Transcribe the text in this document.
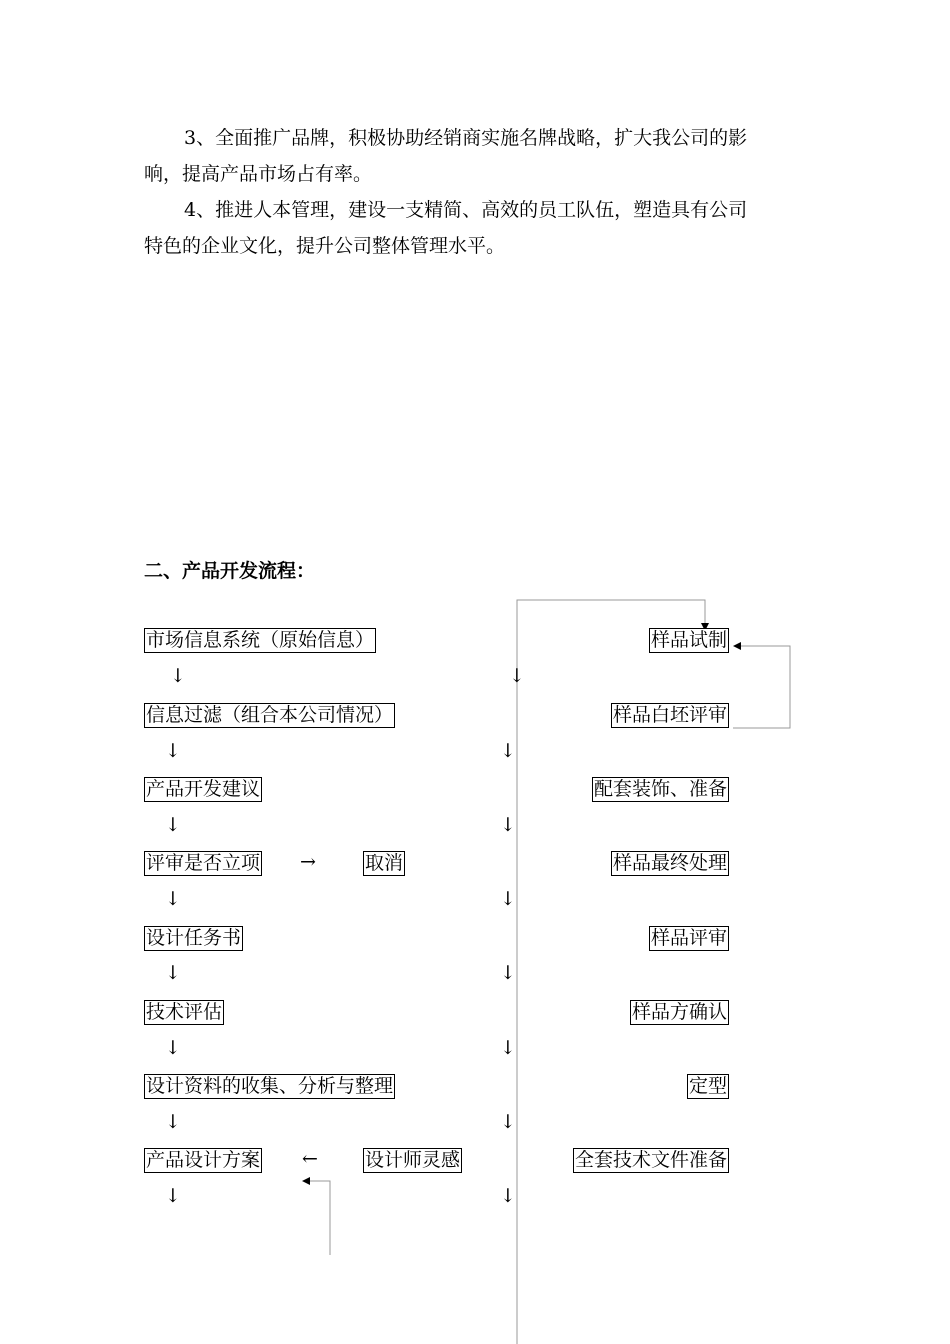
3、全面推广品牌，积极协助经销商实施名牌战略，扩大我公司的影
响，提高产品市场占有率。
4、推进人本管理，建设一支精简、高效的员工队伍，塑造具有公司
特色的企业文化，提升公司整体管理水平。
二、产品开发流程：
市场信息系统（原始信息）
信息过滤（组合本公司情况）
产品开发建议
评审是否立项
设计任务书
技术评估
设计资料的收集、分析与整理
产品设计方案
取消
设计师灵感
样品试制
样品白坯评审
配套装饰、准备
样品最终处理
样品评审
样品方确认
定型
全套技术文件准备
↓
↓
↓
↓
↓
↓
↓
↓
↓
↓
↓
↓
↓
↓
↓
↓
→
←
